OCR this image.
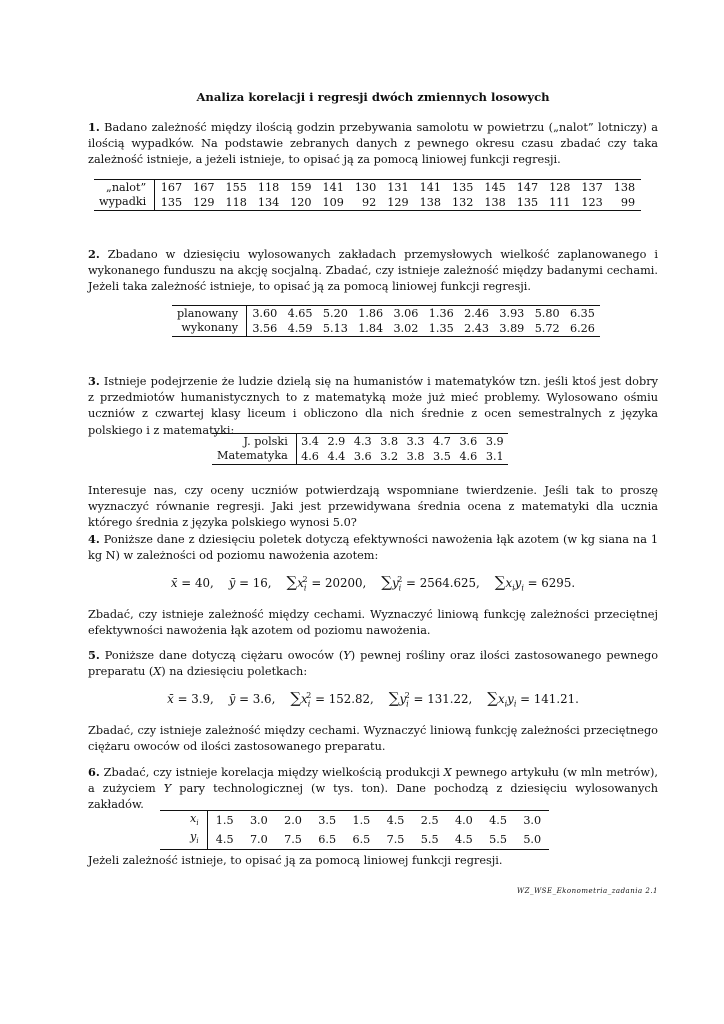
Analiza korelacji i regresji dwóch zmiennych losowych

1. Badano zależność między ilością godzin przebywania samolotu w powietrzu („nalot” lotniczy) a ilością wypadków. Na podstawie zebranych danych z pewnego okresu czasu zbadać czy taka zależność istnieje, a jeżeli istnieje, to opisać ją za pomocą liniowej funkcji regresji.

„nalot”	167	167	155	118	159	141	130	131	141	135	145	147	128	137	138
wypadki	135	129	118	134	120	109	92	129	138	132	138	135	111	123	99

2. Zbadano w dziesięciu wylosowanych zakładach przemysłowych wielkość zaplanowanego i wykonanego funduszu na akcję socjalną. Zbadać, czy istnieje zależność między badanymi cechami. Jeżeli taka zależność istnieje, to opisać ją za pomocą liniowej funkcji regresji.

planowany	3.60	4.65	5.20	1.86	3.06	1.36	2.46	3.93	5.80	6.35
wykonany	3.56	4.59	5.13	1.84	3.02	1.35	2.43	3.89	5.72	6.26

3. Istnieje podejrzenie że ludzie dzielą się na humanistów i matematyków tzn. jeśli ktoś jest dobry z przedmiotów humanistycznych to z matematyką może już mieć problemy. Wylosowano ośmiu uczniów z czwartej klasy liceum i obliczono dla nich średnie z ocen semestralnych z języka polskiego i z matematyki:

J. polski	3.4	2.9	4.3	3.8	3.3	4.7	3.6	3.9
Matematyka	4.6	4.4	3.6	3.2	3.8	3.5	4.6	3.1

Interesuje nas, czy oceny uczniów potwierdzają wspomniane twierdzenie. Jeśli tak to proszę wyznaczyć równanie regresji. Jaki jest przewidywana średnia ocena z matematyki dla ucznia którego średnia z języka polskiego wynosi 5.0?

4. Poniższe dane z dziesięciu poletek dotyczą efektywności nawożenia łąk azotem (w kg siana na 1 kg N) w zależności od poziomu nawożenia azotem:

x̄ = 40,    ȳ = 16,    $\sum x_i^2 = 20200$,    $\sum y_i^2 = 2564.625$,    $\sum x_iy_i = 6295$.

Zbadać, czy istnieje zależność między cechami. Wyznaczyć liniową funkcję zależności przeciętnej efektywności nawożenia łąk azotem od poziomu nawożenia.

5. Poniższe dane dotyczą ciężaru owoców (Y) pewnej rośliny oraz ilości zastosowanego pewnego preparatu (X) na dziesięciu poletkach:

x̄ = 3.9,    ȳ = 3.6,    $\sum x_i^2 = 152.82$,    $\sum y_i^2 = 131.22$,    $\sum x_iy_i = 141.21$.

Zbadać, czy istnieje zależność między cechami. Wyznaczyć liniową funkcję zależności przeciętnego ciężaru owoców od ilości zastosowanego preparatu.

6. Zbadać, czy istnieje korelacja między wielkością produkcji X pewnego artykułu (w mln metrów), a zużyciem Y pary technologicznej (w tys. ton). Dane pochodzą z dziesięciu wylosowanych zakładów.

$x_i$	1.5	3.0	2.0	3.5	1.5	4.5	2.5	4.0	4.5	3.0
$y_i$	4.5	7.0	7.5	6.5	6.5	7.5	5.5	4.5	5.5	5.0

Jeżeli zależność istnieje, to opisać ją za pomocą liniowej funkcji regresji.

WZ_WSE_Ekonometria_zadania 2.1
